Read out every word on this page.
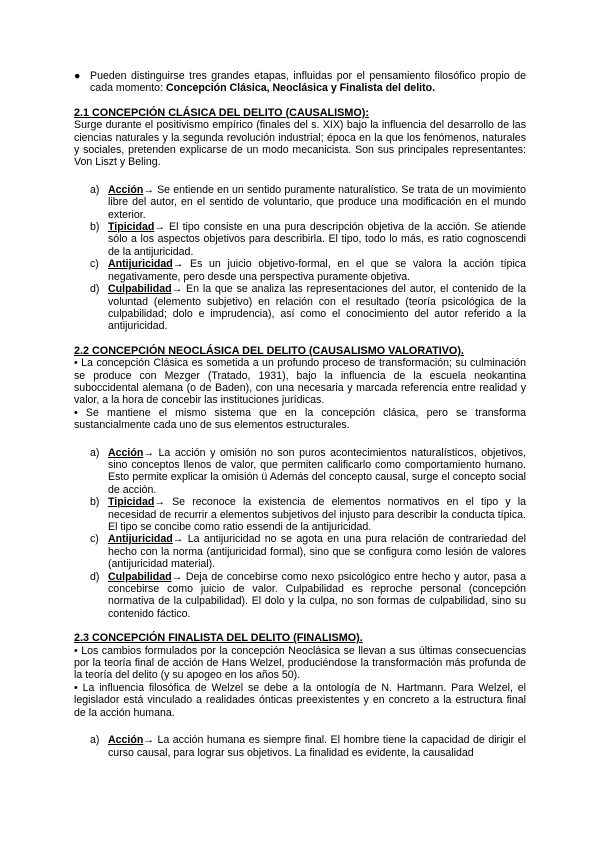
● Pueden distinguirse tres grandes etapas, influidas por el pensamiento filosófico propio de cada momento: Concepción Clásica, Neoclásica y Finalista del delito.
2.1 CONCEPCIÓN CLÁSICA DEL DELITO (CAUSALISMO):

Surge durante el positivismo empírico (finales del s. XIX) bajo la influencia del desarrollo de las ciencias naturales y la segunda revolución industrial; época en la que los fenómenos, naturales y sociales, pretenden explicarse de un modo mecanicista. Son sus principales representantes: Von Liszt y Beling.

a) Acción→ Se entiende en un sentido puramente naturalístico. Se trata de un movimiento libre del autor, en el sentido de voluntario, que produce una modificación en el mundo exterior.
b) Tipicidad→ El tipo consiste en una pura descripción objetiva de la acción. Se atiende sólo a los aspectos objetivos para describirla. El tipo, todo lo más, es ratio cognoscendi de la antijuricidad.
c) Antijuricidad→ Es un juicio objetivo-formal, en el que se valora la acción típica negativamente, pero desde una perspectiva puramente objetiva.
d) Culpabilidad→ En la que se analiza las representaciones del autor, el contenido de la voluntad (elemento subjetivo) en relación con el resultado (teoría psicológica de la culpabilidad; dolo e imprudencia), así como el conocimiento del autor referido a la antijuricidad.
2.2 CONCEPCIÓN NEOCLÁSICA DEL DELITO (CAUSALISMO VALORATIVO).

• La concepción Clásica es sometida a un profundo proceso de transformación; su culminación se produce con Mezger (Tratado, 1931), bajo la influencia de la escuela neokantina suboccidental alemana (o de Baden), con una necesaria y marcada referencia entre realidad y valor, a la hora de concebir las instituciones jurídicas.

• Se mantiene el mismo sistema que en la concepción clásica, pero se transforma sustancialmente cada uno de sus elementos estructurales.

a) Acción→ La acción y omisión no son puros acontecimientos naturalísticos, objetivos, sino conceptos llenos de valor, que permiten calificarlo como comportamiento humano. Esto permite explicar la omisión ü Además del concepto causal, surge el concepto social de acción.
b) Tipicidad→ Se reconoce la existencia de elementos normativos en el tipo y la necesidad de recurrir a elementos subjetivos del injusto para describir la conducta típica. El tipo se concibe como ratio essendi de la antijuricidad.
c) Antijuricidad→ La antijuricidad no se agota en una pura relación de contrariedad del hecho con la norma (antijuricidad formal), sino que se configura como lesión de valores (antijuricidad material).
d) Culpabilidad→ Deja de concebirse como nexo psicológico entre hecho y autor, pasa a concebirse como juicio de valor. Culpabilidad es reproche personal (concepción normativa de la culpabilidad). El dolo y la culpa, no son formas de culpabilidad, sino su contenido fáctico.
2.3 CONCEPCIÓN FINALISTA DEL DELITO (FINALISMO).

• Los cambios formulados por la concepción Neoclásica se llevan a sus últimas consecuencias por la teoría final de acción de Hans Welzel, produciéndose la transformación más profunda de la teoría del delito (y su apogeo en los años 50).

• La influencia filosófica de Welzel se debe a la ontología de N. Hartmann. Para Welzel, el legislador está vinculado a realidades ónticas preexistentes y en concreto a la estructura final de la acción humana.

a) Acción→ La acción humana es siempre final. El hombre tiene la capacidad de dirigir el curso causal, para lograr sus objetivos. La finalidad es evidente, la causalidad
